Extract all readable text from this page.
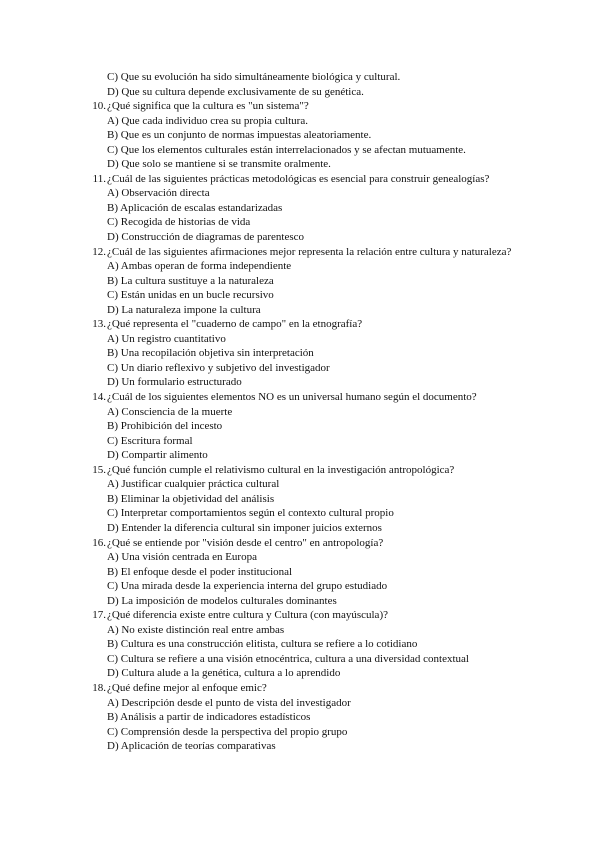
C) Que su evolución ha sido simultáneamente biológica y cultural.
D) Que su cultura depende exclusivamente de su genética.
10. ¿Qué significa que la cultura es "un sistema"?
A) Que cada individuo crea su propia cultura.
B) Que es un conjunto de normas impuestas aleatoriamente.
C) Que los elementos culturales están interrelacionados y se afectan mutuamente.
D) Que solo se mantiene si se transmite oralmente.
11. ¿Cuál de las siguientes prácticas metodológicas es esencial para construir genealogías?
A) Observación directa
B) Aplicación de escalas estandarizadas
C) Recogida de historias de vida
D) Construcción de diagramas de parentesco
12. ¿Cuál de las siguientes afirmaciones mejor representa la relación entre cultura y naturaleza?
A) Ambas operan de forma independiente
B) La cultura sustituye a la naturaleza
C) Están unidas en un bucle recursivo
D) La naturaleza impone la cultura
13. ¿Qué representa el "cuaderno de campo" en la etnografía?
A) Un registro cuantitativo
B) Una recopilación objetiva sin interpretación
C) Un diario reflexivo y subjetivo del investigador
D) Un formulario estructurado
14. ¿Cuál de los siguientes elementos NO es un universal humano según el documento?
A) Consciencia de la muerte
B) Prohibición del incesto
C) Escritura formal
D) Compartir alimento
15. ¿Qué función cumple el relativismo cultural en la investigación antropológica?
A) Justificar cualquier práctica cultural
B) Eliminar la objetividad del análisis
C) Interpretar comportamientos según el contexto cultural propio
D) Entender la diferencia cultural sin imponer juicios externos
16. ¿Qué se entiende por "visión desde el centro" en antropología?
A) Una visión centrada en Europa
B) El enfoque desde el poder institucional
C) Una mirada desde la experiencia interna del grupo estudiado
D) La imposición de modelos culturales dominantes
17. ¿Qué diferencia existe entre cultura y Cultura (con mayúscula)?
A) No existe distinción real entre ambas
B) Cultura es una construcción elitista, cultura se refiere a lo cotidiano
C) Cultura se refiere a una visión etnocéntrica, cultura a una diversidad contextual
D) Cultura alude a la genética, cultura a lo aprendido
18. ¿Qué define mejor al enfoque emic?
A) Descripción desde el punto de vista del investigador
B) Análisis a partir de indicadores estadísticos
C) Comprensión desde la perspectiva del propio grupo
D) Aplicación de teorías comparativas
